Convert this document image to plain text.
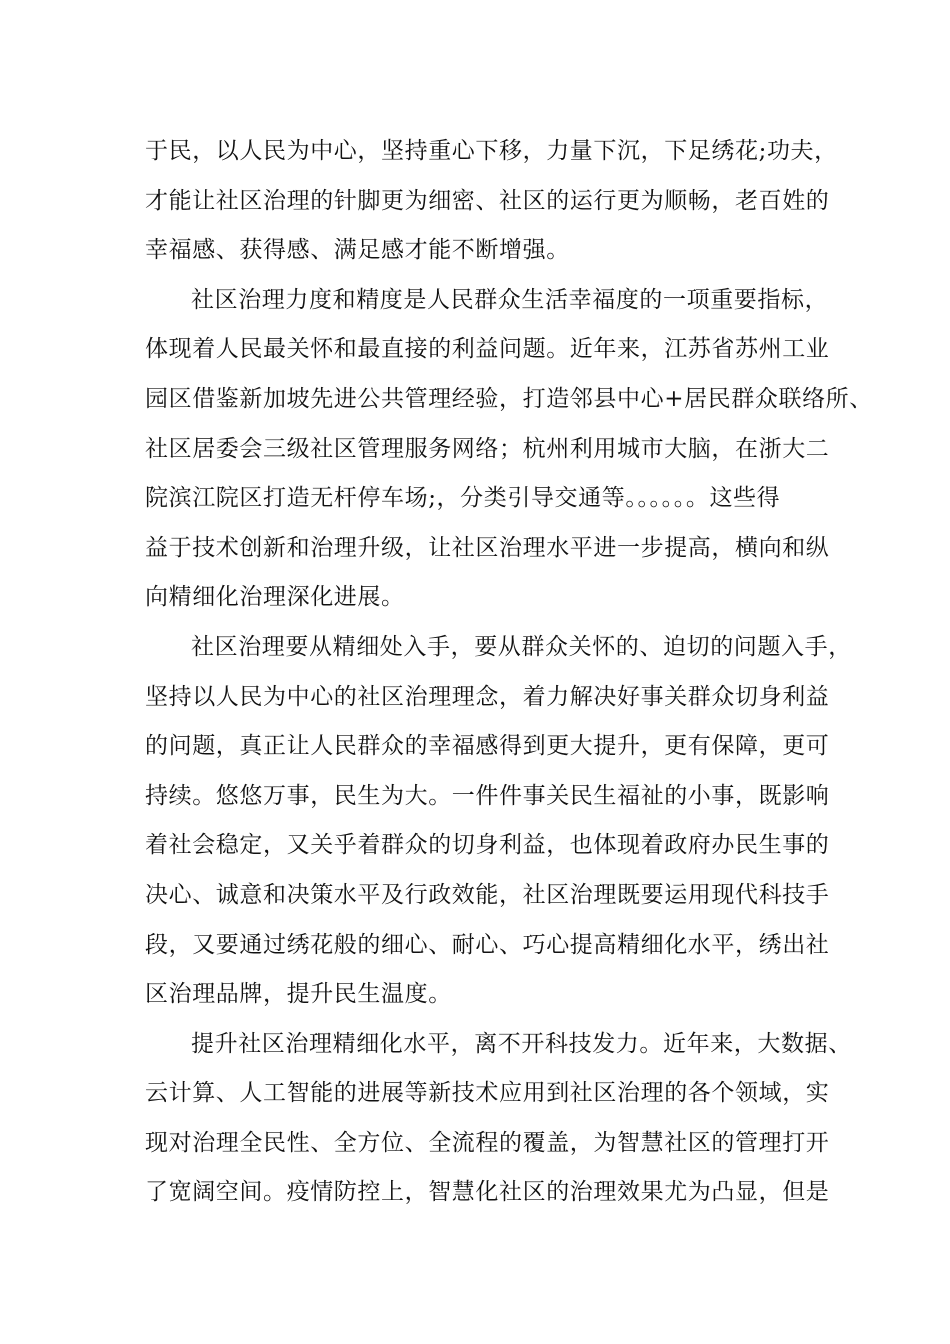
于民，以人民为中心，坚持重心下移，力量下沉，下足绣花;功夫，
才能让社区治理的针脚更为细密、社区的运行更为顺畅，老百姓的
幸福感、获得感、满足感才能不断增强。
社区治理力度和精度是人民群众生活幸福度的一项重要指标，
体现着人民最关怀和最直接的利益问题。近年来，江苏省苏州工业
园区借鉴新加坡先进公共管理经验，打造邻县中心+居民群众联络所、
社区居委会三级社区管理服务网络；杭州利用城市大脑，在浙大二
院滨江院区打造无杆停车场;，分类引导交通等。。。。。。这些得
益于技术创新和治理升级，让社区治理水平进一步提高，横向和纵
向精细化治理深化进展。
社区治理要从精细处入手，要从群众关怀的、迫切的问题入手，
坚持以人民为中心的社区治理理念，着力解决好事关群众切身利益
的问题，真正让人民群众的幸福感得到更大提升，更有保障，更可
持续。悠悠万事，民生为大。一件件事关民生福祉的小事，既影响
着社会稳定，又关乎着群众的切身利益，也体现着政府办民生事的
决心、诚意和决策水平及行政效能，社区治理既要运用现代科技手
段，又要通过绣花般的细心、耐心、巧心提高精细化水平，绣出社
区治理品牌，提升民生温度。
提升社区治理精细化水平，离不开科技发力。近年来，大数据、
云计算、人工智能的进展等新技术应用到社区治理的各个领域，实
现对治理全民性、全方位、全流程的覆盖，为智慧社区的管理打开
了宽阔空间。疫情防控上，智慧化社区的治理效果尤为凸显，但是
